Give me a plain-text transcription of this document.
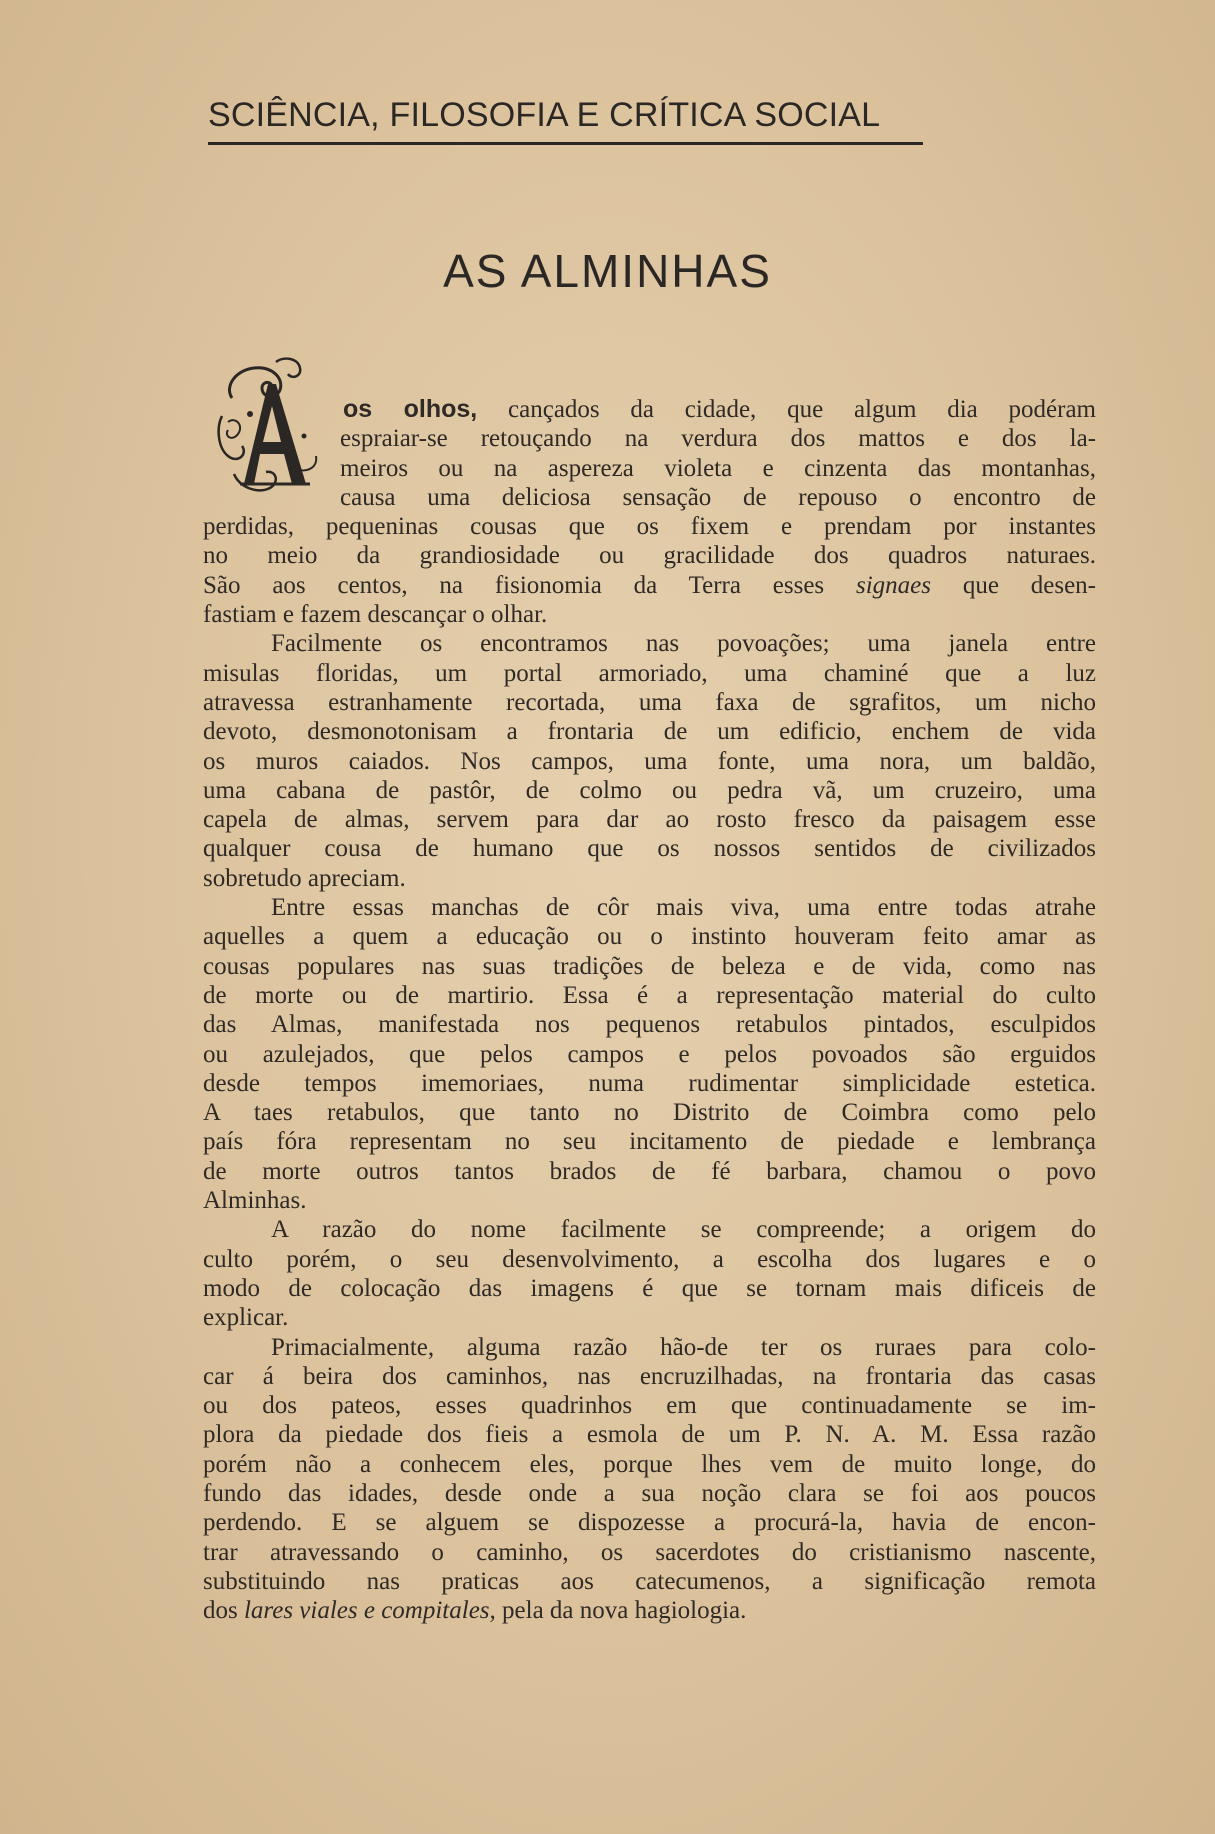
SCIÊNCIA, FILOSOFIA E CRÍTICA SOCIAL
AS ALMINHAS
os olhos, cançados da cidade, que algum dia podéram
espraiar-se retouçando na verdura dos mattos e dos la-
meiros ou na aspereza violeta e cinzenta das montanhas,
causa uma deliciosa sensação de repouso o encontro de
perdidas, pequeninas cousas que os fixem e prendam por instantes
no meio da grandiosidade ou gracilidade dos quadros naturaes.
São aos centos, na fisionomia da Terra esses signaes que desen-
fastiam e fazem descançar o olhar.
Facilmente os encontramos nas povoações; uma janela entre
misulas floridas, um portal armoriado, uma chaminé que a luz
atravessa estranhamente recortada, uma faxa de sgrafitos, um nicho
devoto, desmonotonisam a frontaria de um edificio, enchem de vida
os muros caiados. Nos campos, uma fonte, uma nora, um baldão,
uma cabana de pastôr, de colmo ou pedra vã, um cruzeiro, uma
capela de almas, servem para dar ao rosto fresco da paisagem esse
qualquer cousa de humano que os nossos sentidos de civilizados
sobretudo apreciam.
Entre essas manchas de côr mais viva, uma entre todas atrahe
aquelles a quem a educação ou o instinto houveram feito amar as
cousas populares nas suas tradições de beleza e de vida, como nas
de morte ou de martirio. Essa é a representação material do culto
das Almas, manifestada nos pequenos retabulos pintados, esculpidos
ou azulejados, que pelos campos e pelos povoados são erguidos
desde tempos imemoriaes, numa rudimentar simplicidade estetica.
A taes retabulos, que tanto no Distrito de Coimbra como pelo
país fóra representam no seu incitamento de piedade e lembrança
de morte outros tantos brados de fé barbara, chamou o povo
Alminhas.
A razão do nome facilmente se compreende; a origem do
culto porém, o seu desenvolvimento, a escolha dos lugares e o
modo de colocação das imagens é que se tornam mais dificeis de
explicar.
Primacialmente, alguma razão hão-de ter os ruraes para colo-
car á beira dos caminhos, nas encruzilhadas, na frontaria das casas
ou dos pateos, esses quadrinhos em que continuadamente se im-
plora da piedade dos fieis a esmola de um P. N. A. M. Essa razão
porém não a conhecem eles, porque lhes vem de muito longe, do
fundo das idades, desde onde a sua noção clara se foi aos poucos
perdendo. E se alguem se dispozesse a procurá-la, havia de encon-
trar atravessando o caminho, os sacerdotes do cristianismo nascente,
substituindo nas praticas aos catecumenos, a significação remota
dos lares viales e compitales, pela da nova hagiologia.
